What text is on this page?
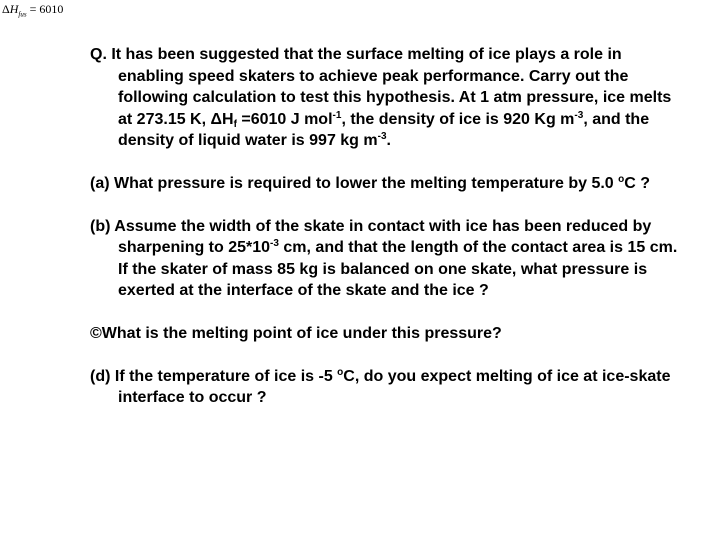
$\Delta H_{fus} = 6010$

Q. It has been suggested that the surface melting of ice plays a role in enabling speed skaters to achieve peak performance. Carry out the following calculation to test this hypothesis. At 1 atm pressure, ice melts at 273.15 K, $\Delta H_f =6010$ J mol$^{-1}$, the density of ice is 920 Kg $m^{-3}$, and the density of liquid water is 997 kg $m^{-3}$.

(a) What pressure is required to lower the melting temperature by 5.0 $^o$C ?

(b) Assume the width of the skate in contact with ice has been reduced by sharpening to $25*10^{-3}$ cm, and that the length of the contact area is 15 cm. If the skater of mass 85 kg is balanced on one skate, what pressure is exerted at the interface of the skate and the ice ?

©What is the melting point of ice under this pressure?

(d) If the temperature of ice is -5 $^o$C, do you expect melting of ice at ice-skate interface to occur ?
